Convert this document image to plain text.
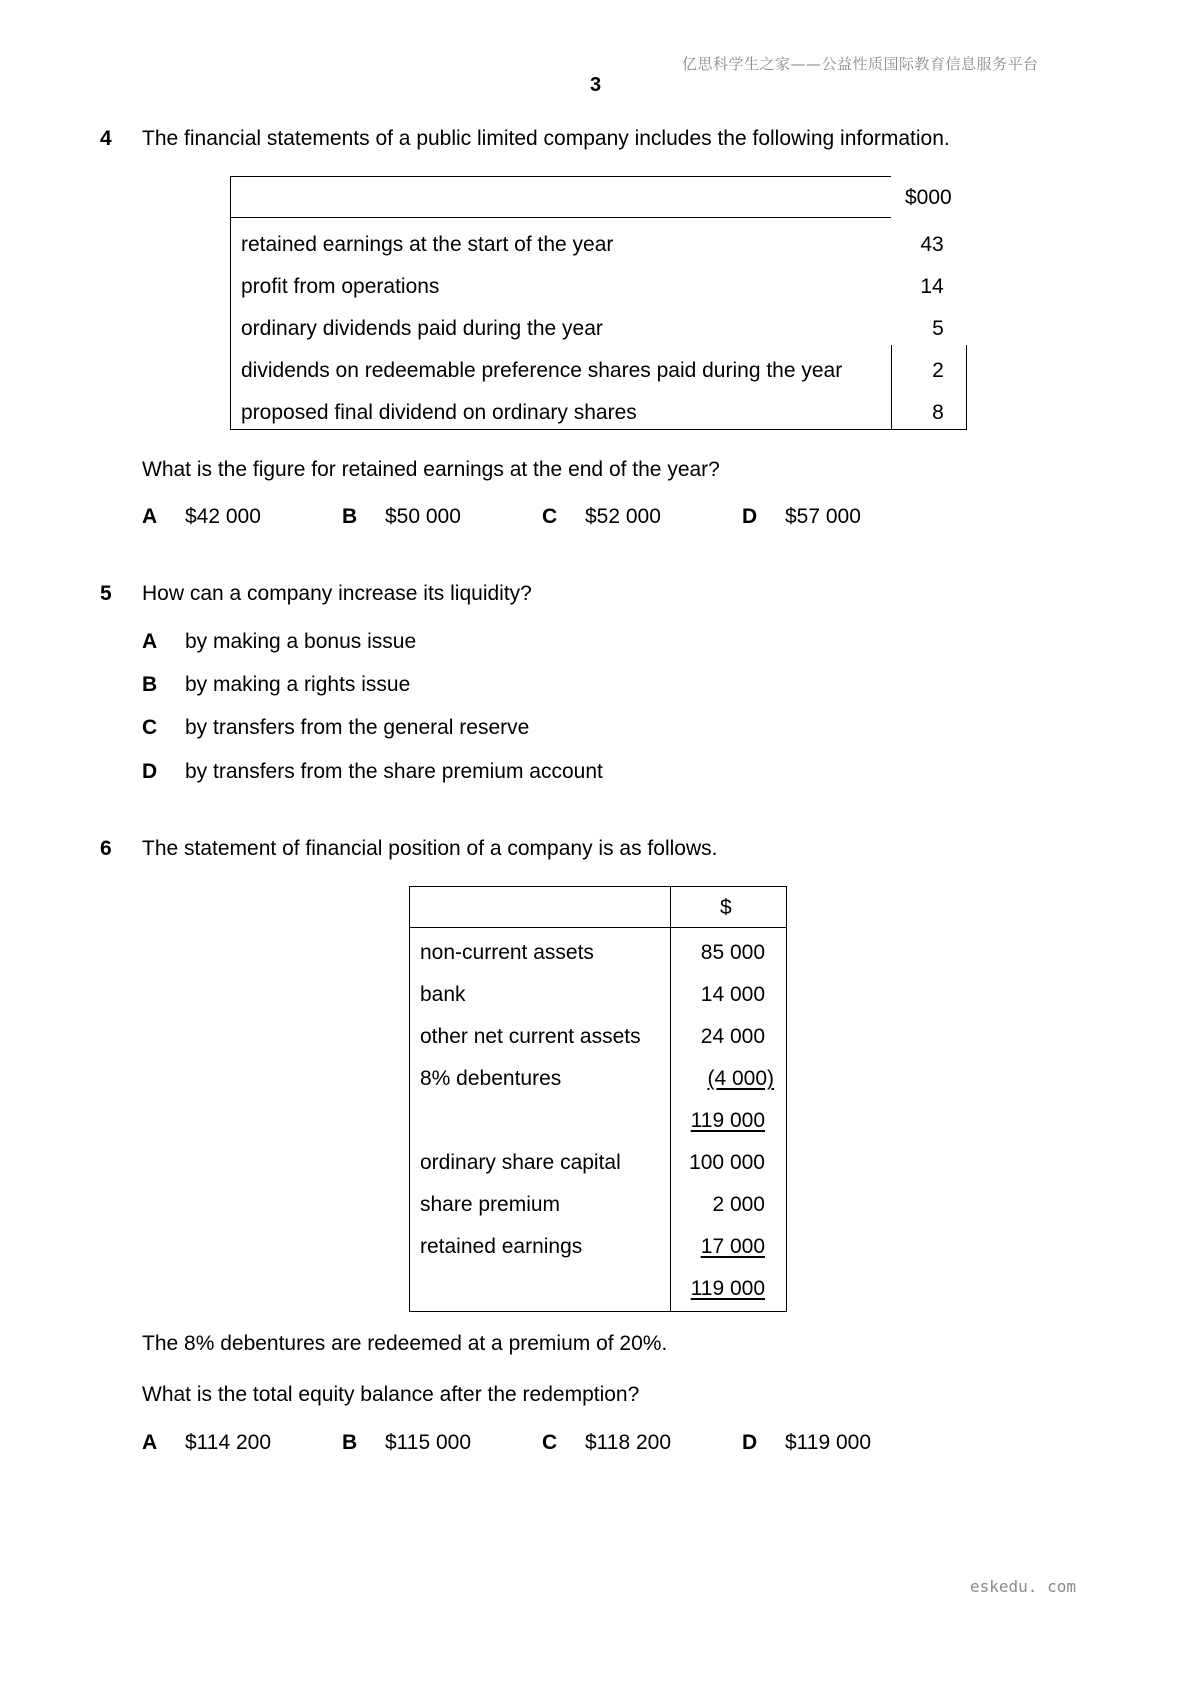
亿思科学生之家——公益性质国际教育信息服务平台
3
4 The financial statements of a public limited company includes the following information.
$000
retained earnings at the start of the year	43
profit from operations	14
ordinary dividends paid during the year	5
dividends on redeemable preference shares paid during the year	2
proposed final dividend on ordinary shares	8
What is the figure for retained earnings at the end of the year?
A $42 000	B $50 000	C $52 000	D $57 000
5 How can a company increase its liquidity?
A by making a bonus issue
B by making a rights issue
C by transfers from the general reserve
D by transfers from the share premium account
6 The statement of financial position of a company is as follows.
$
non-current assets	85 000
bank	14 000
other net current assets	24 000
8% debentures	(4 000)
119 000
ordinary share capital	100 000
share premium	2 000
retained earnings	17 000
119 000
The 8% debentures are redeemed at a premium of 20%.
What is the total equity balance after the redemption?
A $114 200	B $115 000	C $118 200	D $119 000
eskedu. com
